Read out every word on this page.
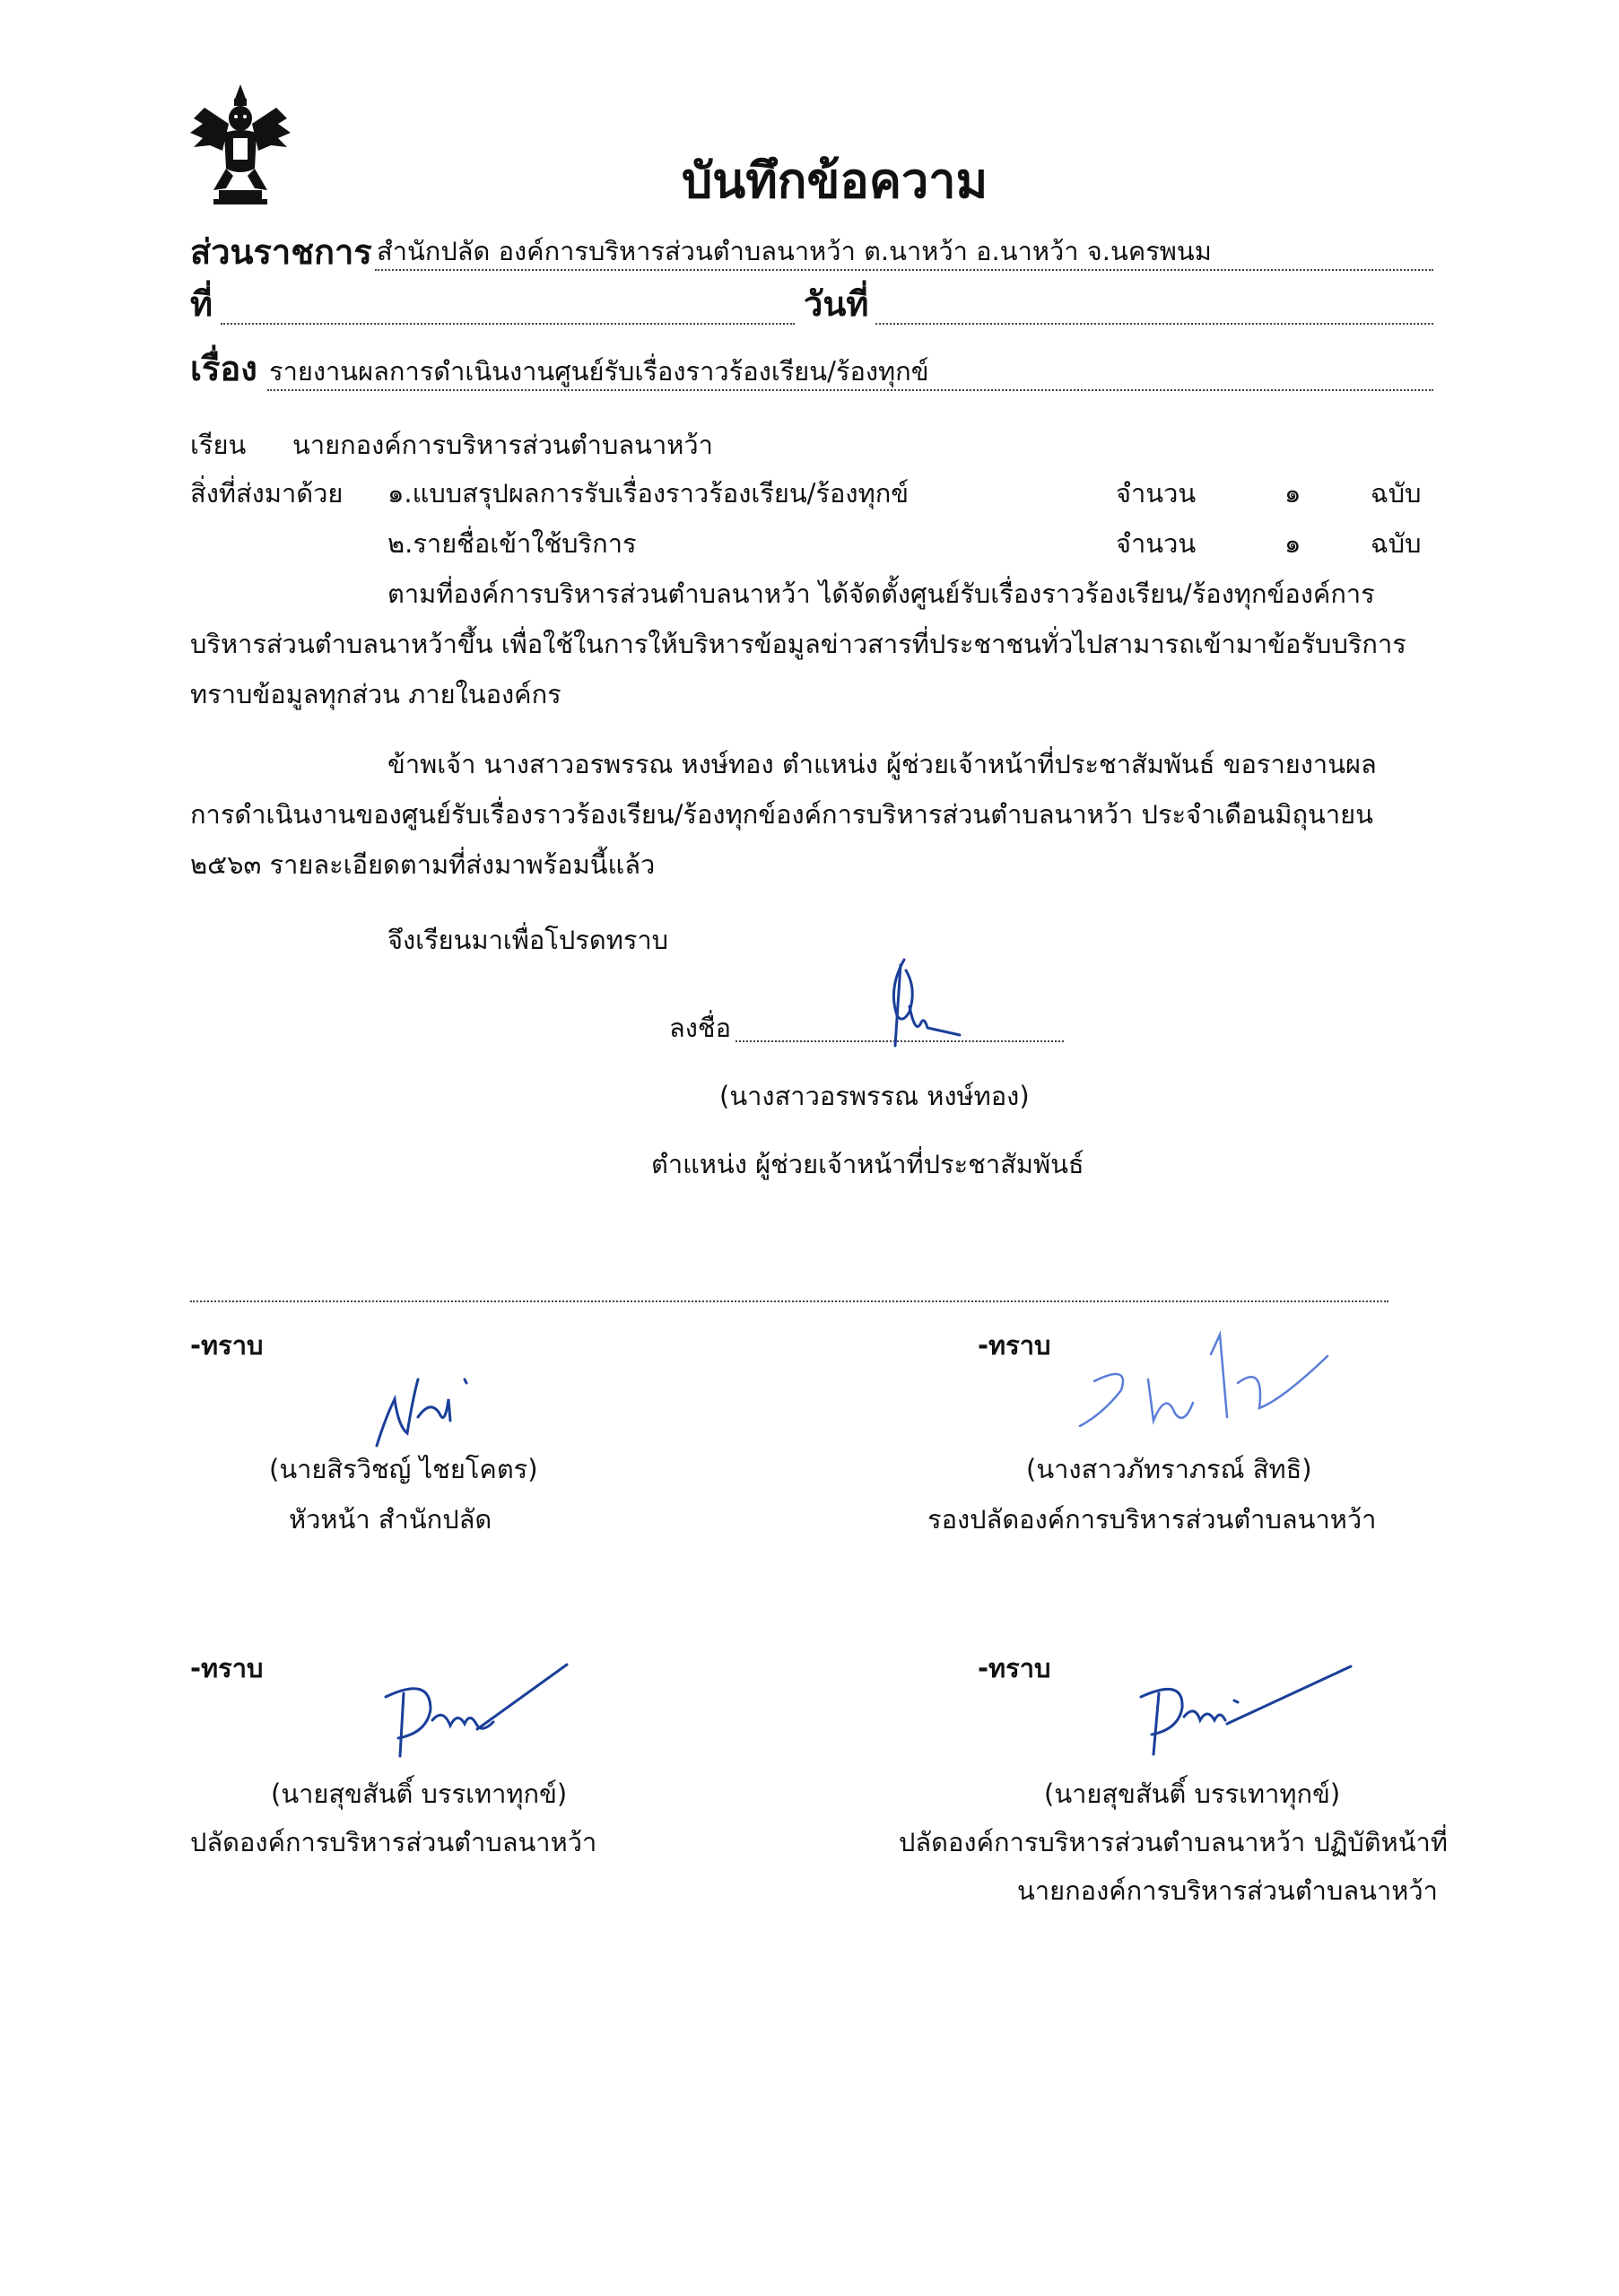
บันทึกข้อความ
ส่วนราชการ สำนักปลัด องค์การบริหารส่วนตำบลนาหว้า ต.นาหว้า อ.นาหว้า จ.นครพนม
ที่	วันที่
เรื่อง รายงานผลการดำเนินงานศูนย์รับเรื่องราวร้องเรียน/ร้องทุกข์
เรียน นายกองค์การบริหารส่วนตำบลนาหว้า
สิ่งที่ส่งมาด้วย ๑.แบบสรุปผลการรับเรื่องราวร้องเรียน/ร้องทุกข์	จำนวน	๑	ฉบับ
๒.รายชื่อเข้าใช้บริการ	จำนวน	๑	ฉบับ
ตามที่องค์การบริหารส่วนตำบลนาหว้า ได้จัดตั้งศูนย์รับเรื่องราวร้องเรียน/ร้องทุกข์องค์การ
บริหารส่วนตำบลนาหว้าขึ้น เพื่อใช้ในการให้บริหารข้อมูลข่าวสารที่ประชาชนทั่วไปสามารถเข้ามาข้อรับบริการ
ทราบข้อมูลทุกส่วน ภายในองค์กร
ข้าพเจ้า นางสาวอรพรรณ หงษ์ทอง ตำแหน่ง ผู้ช่วยเจ้าหน้าที่ประชาสัมพันธ์ ขอรายงานผล
การดำเนินงานของศูนย์รับเรื่องราวร้องเรียน/ร้องทุกข์องค์การบริหารส่วนตำบลนาหว้า ประจำเดือนมิถุนายน
๒๕๖๓ รายละเอียดตามที่ส่งมาพร้อมนี้แล้ว
จึงเรียนมาเพื่อโปรดทราบ
ลงชื่อ
(นางสาวอรพรรณ หงษ์ทอง)
ตำแหน่ง ผู้ช่วยเจ้าหน้าที่ประชาสัมพันธ์
-ทราบ
(นายสิรวิชญ์ ไชยโคตร)
หัวหน้า สำนักปลัด
-ทราบ
(นางสาวภัทราภรณ์ สิทธิ)
รองปลัดองค์การบริหารส่วนตำบลนาหว้า
-ทราบ
(นายสุขสันติ์ บรรเทาทุกข์)
ปลัดองค์การบริหารส่วนตำบลนาหว้า
-ทราบ
(นายสุขสันติ์ บรรเทาทุกข์)
ปลัดองค์การบริหารส่วนตำบลนาหว้า ปฏิบัติหน้าที่
นายกองค์การบริหารส่วนตำบลนาหว้า
